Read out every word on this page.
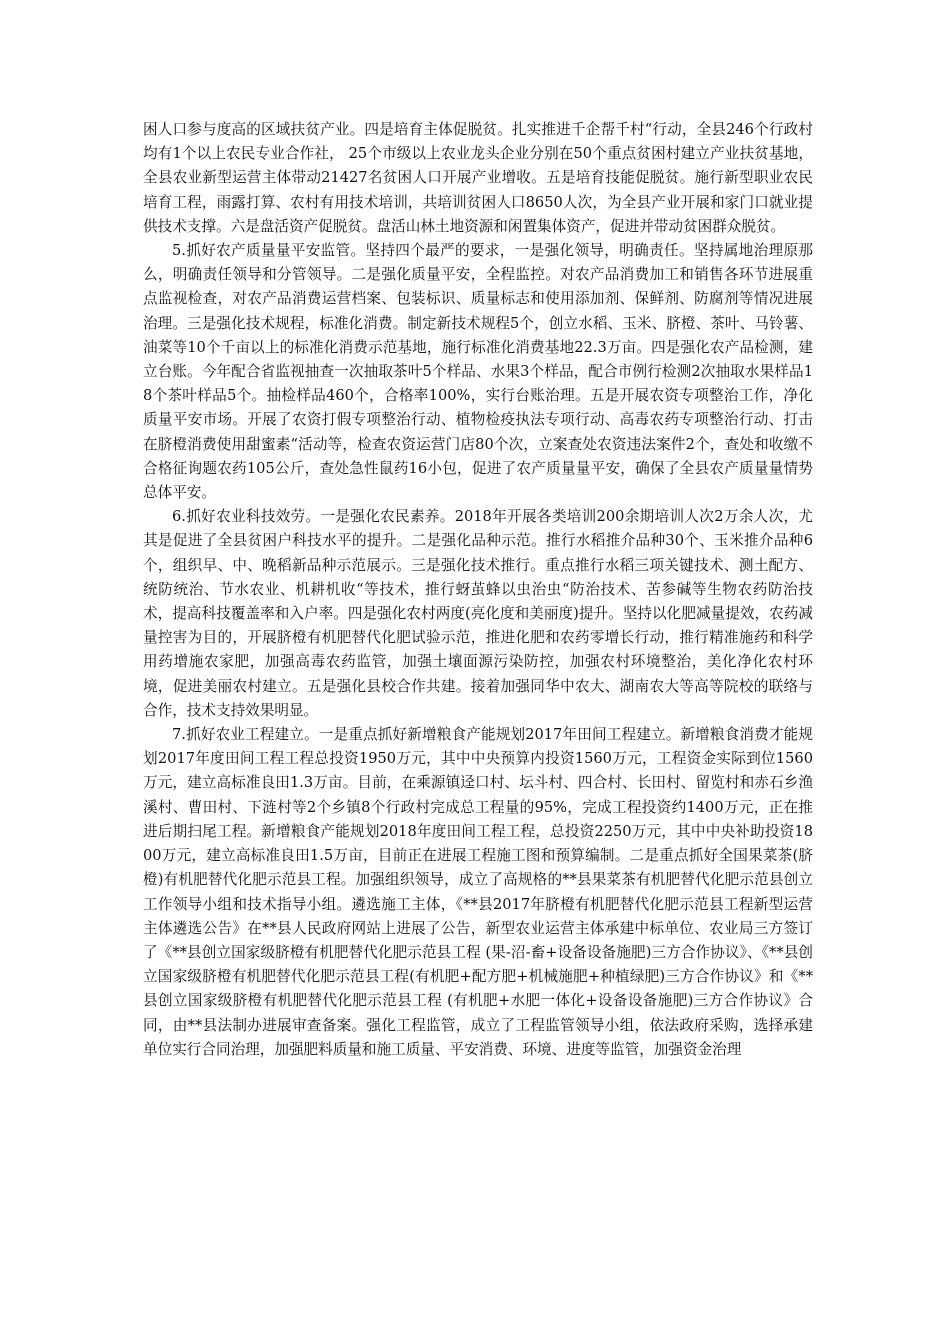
困人口参与度高的区域扶贫产业。四是培育主体促脱贫。扎实推进千企帮千村“行动，全县246个行政村均有1个以上农民专业合作社， 25个市级以上农业龙头企业分别在50个重点贫困村建立产业扶贫基地，全县农业新型运营主体带动21427名贫困人口开展产业增收。五是培育技能促脱贫。施行新型职业农民培育工程，雨露打算、农村有用技术培训，共培训贫困人口8650人次，为全县产业开展和家门口就业提供技术支撑。六是盘活资产促脱贫。盘活山林土地资源和闲置集体资产，促进并带动贫困群众脱贫。

5.抓好农产质量量平安监管。坚持四个最严的要求，一是强化领导，明确责任。坚持属地治理原那么，明确责任领导和分管领导。二是强化质量平安，全程监控。对农产品消费加工和销售各环节进展重点监视检查，对农产品消费运营档案、包装标识、质量标志和使用添加剂、保鲜剂、防腐剂等情况进展治理。三是强化技术规程，标准化消费。制定新技术规程5个，创立水稻、玉米、脐橙、茶叶、马铃薯、油菜等10个千亩以上的标准化消费示范基地，施行标准化消费基地22.3万亩。四是强化农产品检测，建立台账。今年配合省监视抽查一次抽取茶叶5个样品、水果3个样品，配合市例行检测2次抽取水果样品18个茶叶样品5个。抽检样品460个，合格率100%，实行台账治理。五是开展农资专项整治工作，净化质量平安市场。开展了农资打假专项整治行动、植物检疫执法专项行动、高毒农药专项整治行动、打击在脐橙消费使用甜蜜素“活动等，检查农资运营门店80个次，立案查处农资违法案件2个，查处和收缴不合格征询题农药105公斤，查处急性鼠药16小包，促进了农产质量量平安，确保了全县农产质量量情势总体平安。

6.抓好农业科技效劳。一是强化农民素养。2018年开展各类培训200余期培训人次2万余人次，尤其是促进了全县贫困户科技水平的提升。二是强化品种示范。推行水稻推介品种30个、玉米推介品种6个，组织早、中、晚稻新品种示范展示。三是强化技术推行。重点推行水稻三项关键技术、测土配方、统防统治、节水农业、机耕机收“等技术，推行蚜茧蜂以虫治虫“防治技术、苦参碱等生物农药防治技术，提高科技覆盖率和入户率。四是强化农村两度(亮化度和美丽度)提升。坚持以化肥减量提效，农药减量控害为目的，开展脐橙有机肥替代化肥试验示范，推进化肥和农药零增长行动，推行精准施药和科学用药增施农家肥，加强高毒农药监管，加强土壤面源污染防控，加强农村环境整治，美化净化农村环境，促进美丽农村建立。五是强化县校合作共建。接着加强同华中农大、湖南农大等高等院校的联络与合作，技术支持效果明显。

7.抓好农业工程建立。一是重点抓好新增粮食产能规划2017年田间工程建立。新增粮食消费才能规划2017年度田间工程工程总投资1950万元，其中中央预算内投资1560万元，工程资金实际到位1560万元，建立高标准良田1.3万亩。目前，在乘源镇迳口村、坛斗村、四合村、长田村、留览村和赤石乡渔溪村、曹田村、下涟村等2个乡镇8个行政村完成总工程量的95%，完成工程投资约1400万元，正在推进后期扫尾工程。新增粮食产能规划2018年度田间工程工程，总投资2250万元，其中中央补助投资1800万元，建立高标准良田1.5万亩，目前正在进展工程施工图和预算编制。二是重点抓好全国果菜茶(脐橙)有机肥替代化肥示范县工程。加强组织领导，成立了高规格的**县果菜茶有机肥替代化肥示范县创立工作领导小组和技术指导小组。遴选施工主体，《**县2017年脐橙有机肥替代化肥示范县工程新型运营主体遴选公告》在**县人民政府网站上进展了公告，新型农业运营主体承建中标单位、农业局三方签订了《**县创立国家级脐橙有机肥替代化肥示范县工程 (果-沼-畜+设备设备施肥)三方合作协议》、《**县创立国家级脐橙有机肥替代化肥示范县工程(有机肥+配方肥+机械施肥+种植绿肥)三方合作协议》和《**县创立国家级脐橙有机肥替代化肥示范县工程 (有机肥+水肥一体化+设备设备施肥)三方合作协议》合同，由**县法制办进展审查备案。强化工程监管，成立了工程监管领导小组，依法政府采购，选择承建单位实行合同治理，加强肥料质量和施工质量、平安消费、环境、进度等监管，加强资金治理
